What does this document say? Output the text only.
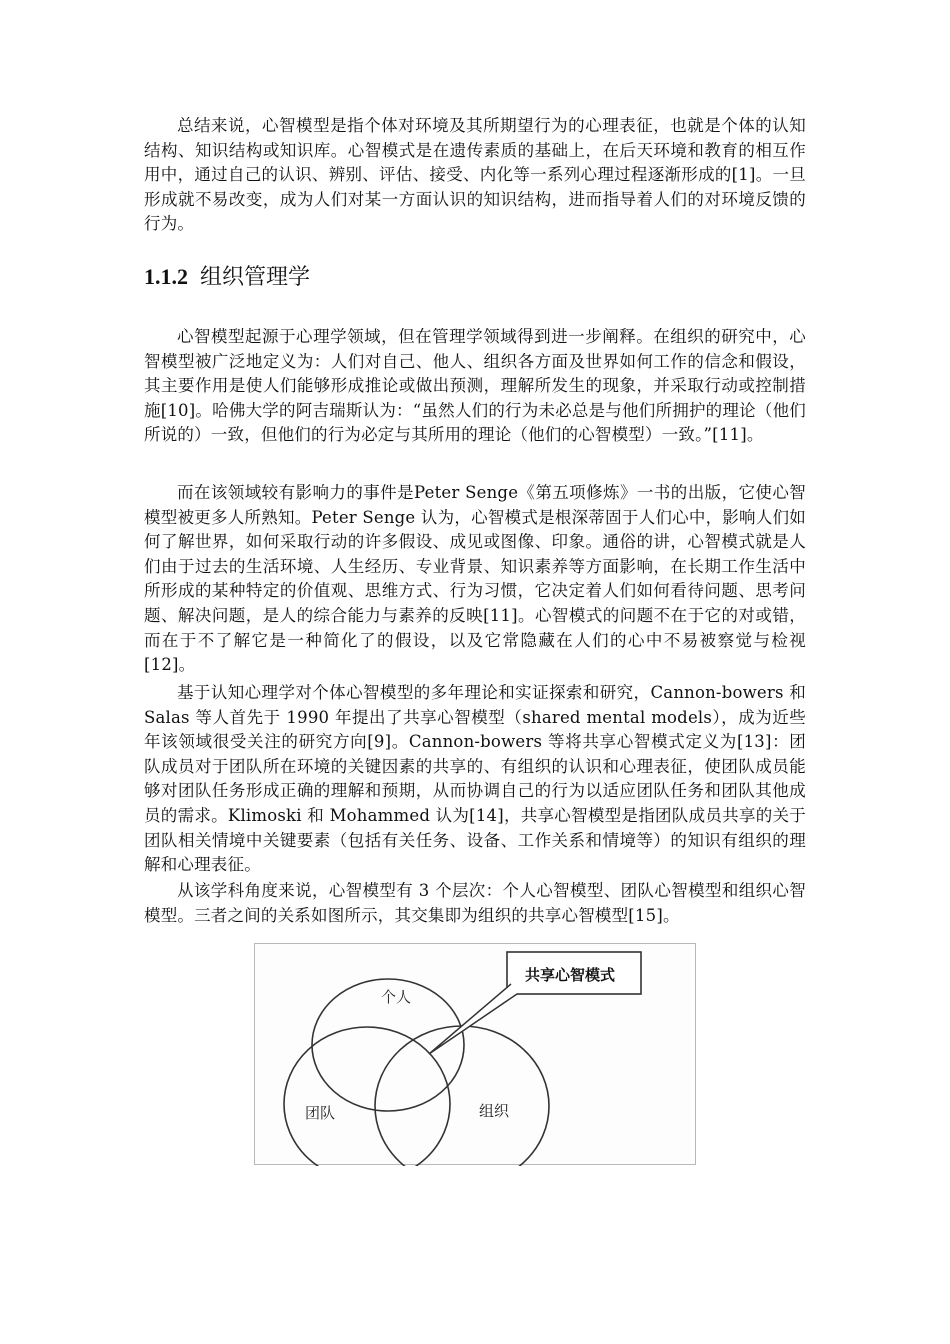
总结来说，心智模型是指个体对环境及其所期望行为的心理表征，也就是个体的认知结构、知识结构或知识库。心智模式是在遗传素质的基础上，在后天环境和教育的相互作用中，通过自己的认识、辨别、评估、接受、内化等一系列心理过程逐渐形成的[1]。一旦形成就不易改变，成为人们对某一方面认识的知识结构，进而指导着人们的对环境反馈的行为。

1.1.2 组织管理学

心智模型起源于心理学领域，但在管理学领域得到进一步阐释。在组织的研究中，心智模型被广泛地定义为：人们对自己、他人、组织各方面及世界如何工作的信念和假设，其主要作用是使人们能够形成推论或做出预测，理解所发生的现象，并采取行动或控制措施[10]。哈佛大学的阿吉瑞斯认为：“虽然人们的行为未必总是与他们所拥护的理论（他们所说的）一致，但他们的行为必定与其所用的理论（他们的心智模型）一致。”[11]。

而在该领域较有影响力的事件是Peter Senge《第五项修炼》一书的出版，它使心智模型被更多人所熟知。Peter Senge 认为，心智模式是根深蒂固于人们心中，影响人们如何了解世界，如何采取行动的许多假设、成见或图像、印象。通俗的讲，心智模式就是人们由于过去的生活环境、人生经历、专业背景、知识素养等方面影响，在长期工作生活中所形成的某种特定的价值观、思维方式、行为习惯，它决定着人们如何看待问题、思考问题、解决问题，是人的综合能力与素养的反映[11]。心智模式的问题不在于它的对或错，而在于不了解它是一种简化了的假设，以及它常隐藏在人们的心中不易被察觉与检视 [12]。

基于认知心理学对个体心智模型的多年理论和实证探索和研究，Cannon-bowers 和 Salas 等人首先于 1990 年提出了共享心智模型（shared mental models），成为近些年该领域很受关注的研究方向[9]。Cannon-bowers 等将共享心智模式定义为[13]：团队成员对于团队所在环境的关键因素的共享的、有组织的认识和心理表征，使团队成员能够对团队任务形成正确的理解和预期，从而协调自己的行为以适应团队任务和团队其他成员的需求。Klimoski 和 Mohammed 认为[14]，共享心智模型是指团队成员共享的关于团队相关情境中关键要素（包括有关任务、设备、工作关系和情境等）的知识有组织的理解和心理表征。

从该学科角度来说，心智模型有 3 个层次：个人心智模型、团队心智模型和组织心智模型。三者之间的关系如图所示，其交集即为组织的共享心智模型[15]。

共享心智模式
个人
团队	组织
